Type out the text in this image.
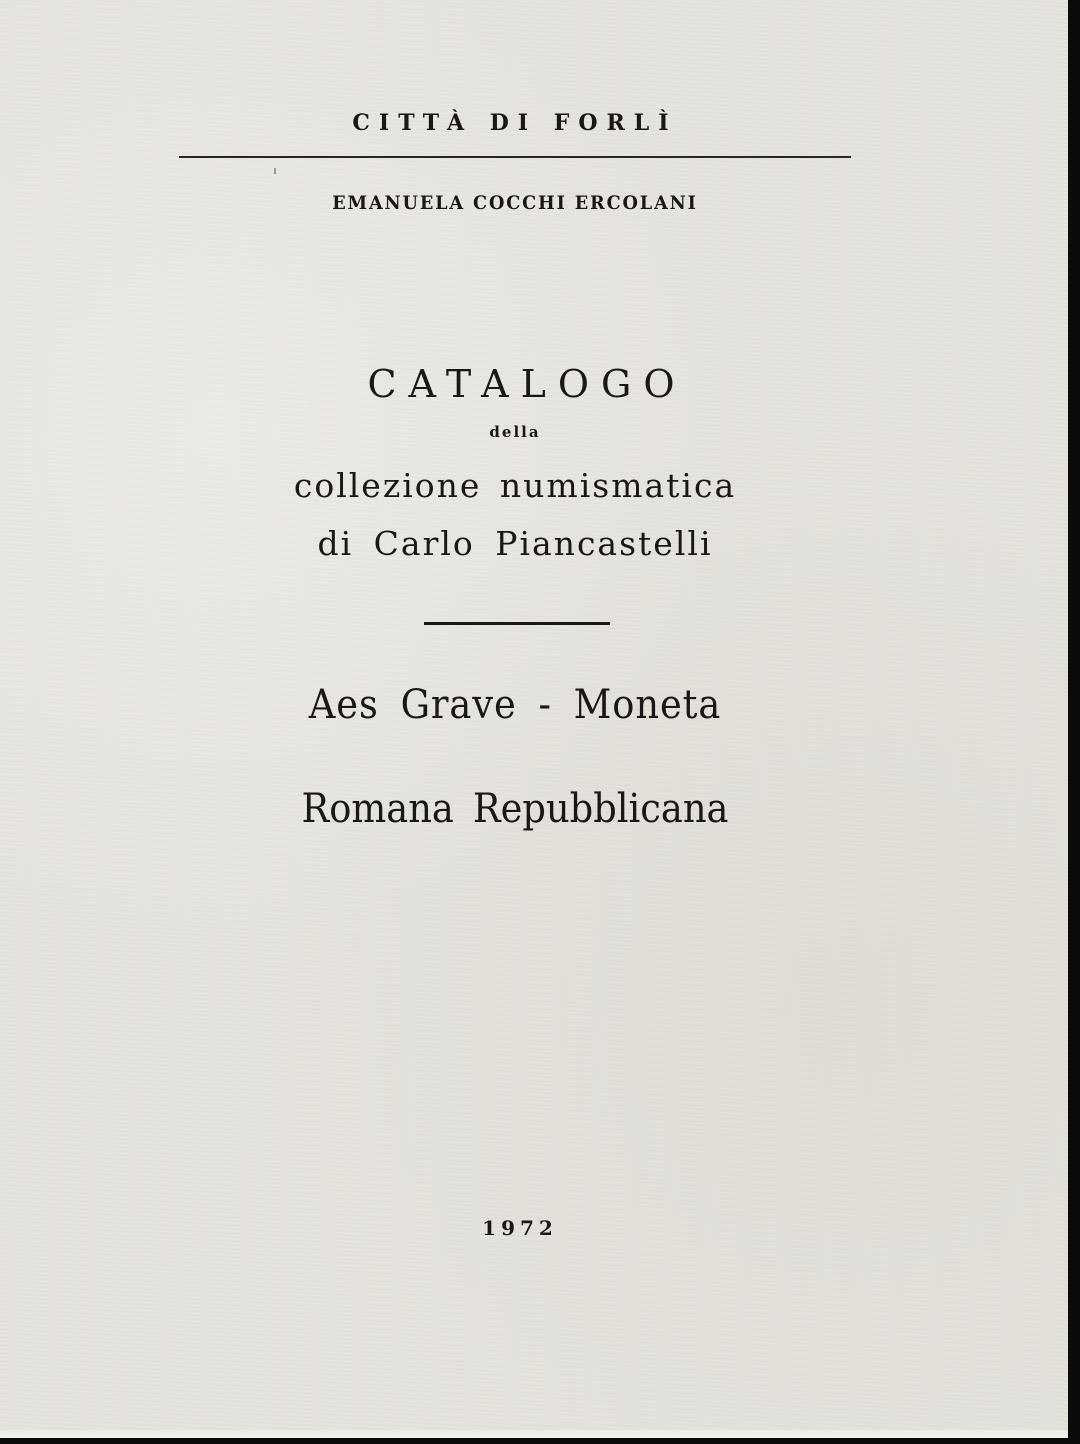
CITTÀ DI FORLÌ
EMANUELA COCCHI ERCOLANI
CATALOGO
della
collezione numismatica
di Carlo Piancastelli
Aes Grave - Moneta
Romana Repubblicana
1972
